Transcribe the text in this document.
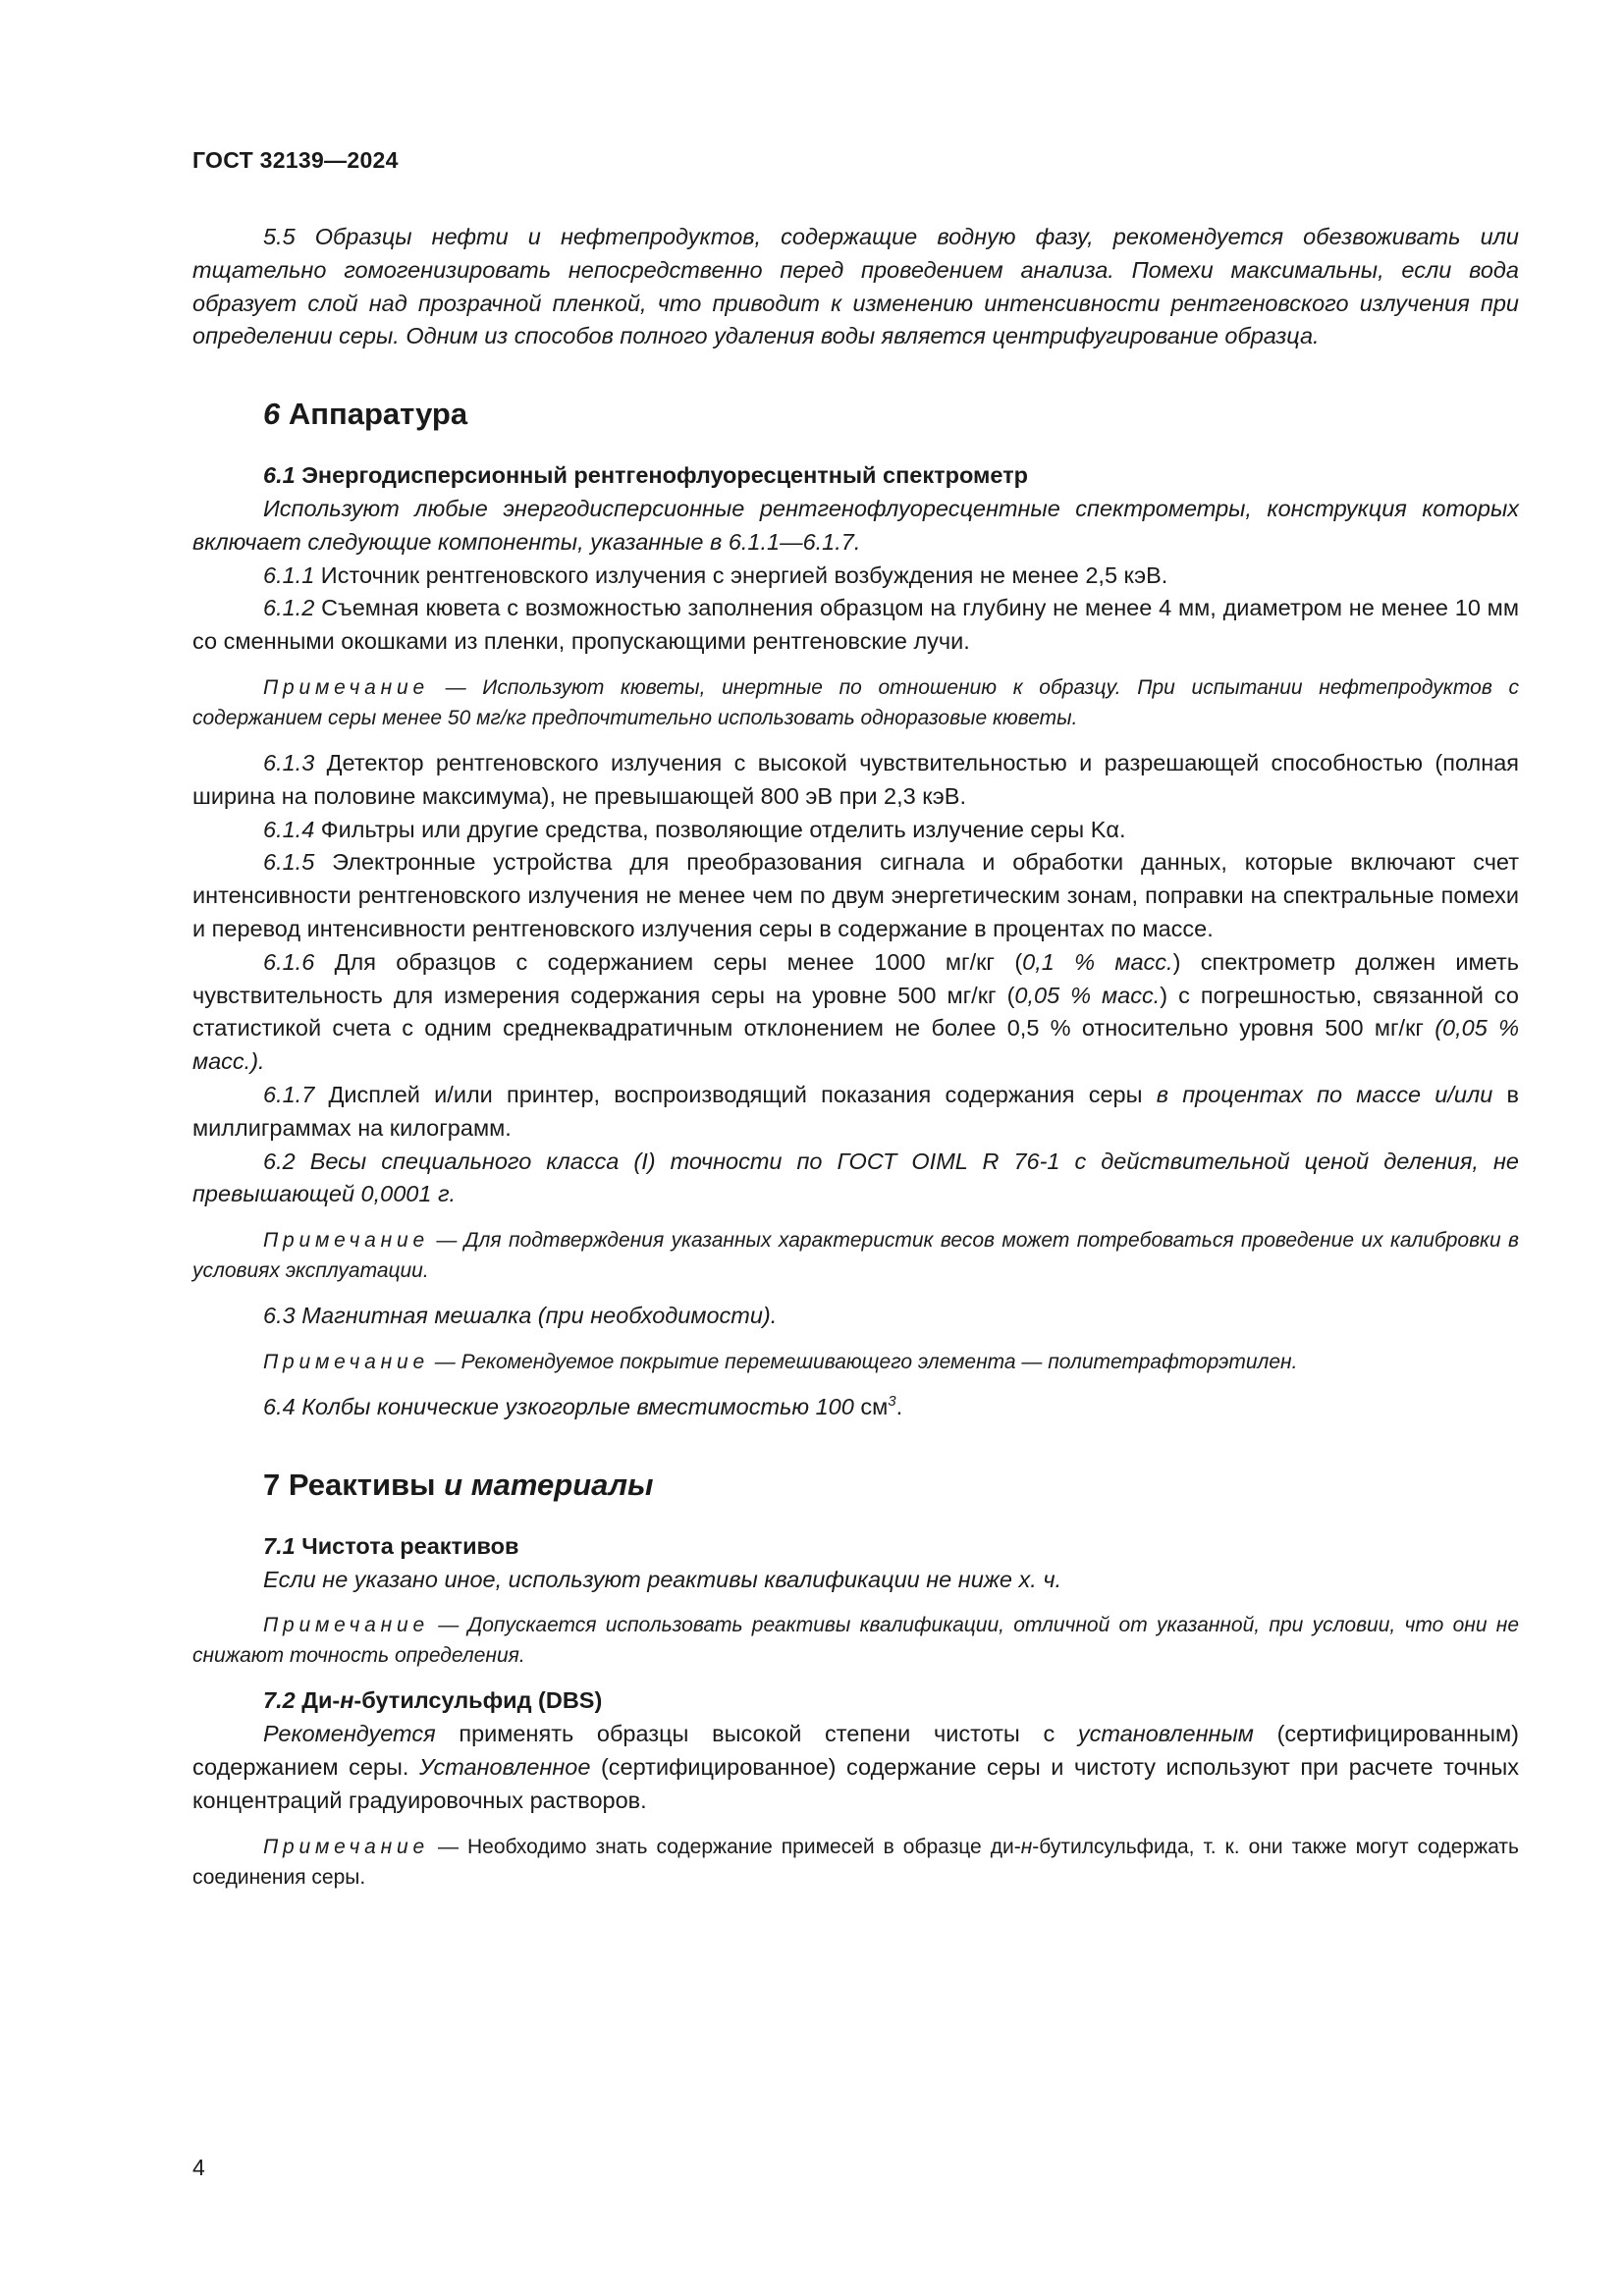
ГОСТ 32139—2024

5.5 Образцы нефти и нефтепродуктов, содержащие водную фазу, рекомендуется обезвоживать или тщательно гомогенизировать непосредственно перед проведением анализа. Помехи максимальны, если вода образует слой над прозрачной пленкой, что приводит к изменению интенсивности рентгеновского излучения при определении серы. Одним из способов полного удаления воды является центрифугирование образца.

6 Аппаратура
6.1 Энергодисперсионный рентгенофлуоресцентный спектрометр

Используют любые энергодисперсионные рентгенофлуоресцентные спектрометры, конструкция которых включает следующие компоненты, указанные в 6.1.1—6.1.7.

6.1.1 Источник рентгеновского излучения с энергией возбуждения не менее 2,5 кэВ.

6.1.2 Съемная кювета с возможностью заполнения образцом на глубину не менее 4 мм, диаметром не менее 10 мм со сменными окошками из пленки, пропускающими рентгеновские лучи.

Примечание — Используют кюветы, инертные по отношению к образцу. При испытании нефтепродуктов с содержанием серы менее 50 мг/кг предпочтительно использовать одноразовые кюветы.

6.1.3 Детектор рентгеновского излучения с высокой чувствительностью и разрешающей способностью (полная ширина на половине максимума), не превышающей 800 эВ при 2,3 кэВ.

6.1.4 Фильтры или другие средства, позволяющие отделить излучение серы Kα.

6.1.5 Электронные устройства для преобразования сигнала и обработки данных, которые включают счет интенсивности рентгеновского излучения не менее чем по двум энергетическим зонам, поправки на спектральные помехи и перевод интенсивности рентгеновского излучения серы в содержание в процентах по массе.

6.1.6 Для образцов с содержанием серы менее 1000 мг/кг (0,1 % масс.) спектрометр должен иметь чувствительность для измерения содержания серы на уровне 500 мг/кг (0,05 % масс.) с погрешностью, связанной со статистикой счета с одним среднеквадратичным отклонением не более 0,5 % относительно уровня 500 мг/кг (0,05 % масс.).

6.1.7 Дисплей и/или принтер, воспроизводящий показания содержания серы в процентах по массе и/или в миллиграммах на килограмм.

6.2 Весы специального класса (I) точности по ГОСТ OIML R 76-1 с действительной ценой деления, не превышающей 0,0001 г.

Примечание — Для подтверждения указанных характеристик весов может потребоваться проведение их калибровки в условиях эксплуатации.

6.3 Магнитная мешалка (при необходимости).

Примечание — Рекомендуемое покрытие перемешивающего элемента — политетрафторэтилен.

6.4 Колбы конические узкогорлые вместимостью 100 $см^3$.

7 Реактивы и материалы
7.1 Чистота реактивов

Если не указано иное, используют реактивы квалификации не ниже х. ч.

Примечание — Допускается использовать реактивы квалификации, отличной от указанной, при условии, что они не снижают точность определения.
7.2 Ди-н-бутилсульфид (DBS)

Рекомендуется применять образцы высокой степени чистоты с установленным (сертифицированным) содержанием серы. Установленное (сертифицированное) содержание серы и чистоту используют при расчете точных концентраций градуировочных растворов.

Примечание — Необходимо знать содержание примесей в образце ди-н-бутилсульфида, т. к. они также могут содержать соединения серы.
4
